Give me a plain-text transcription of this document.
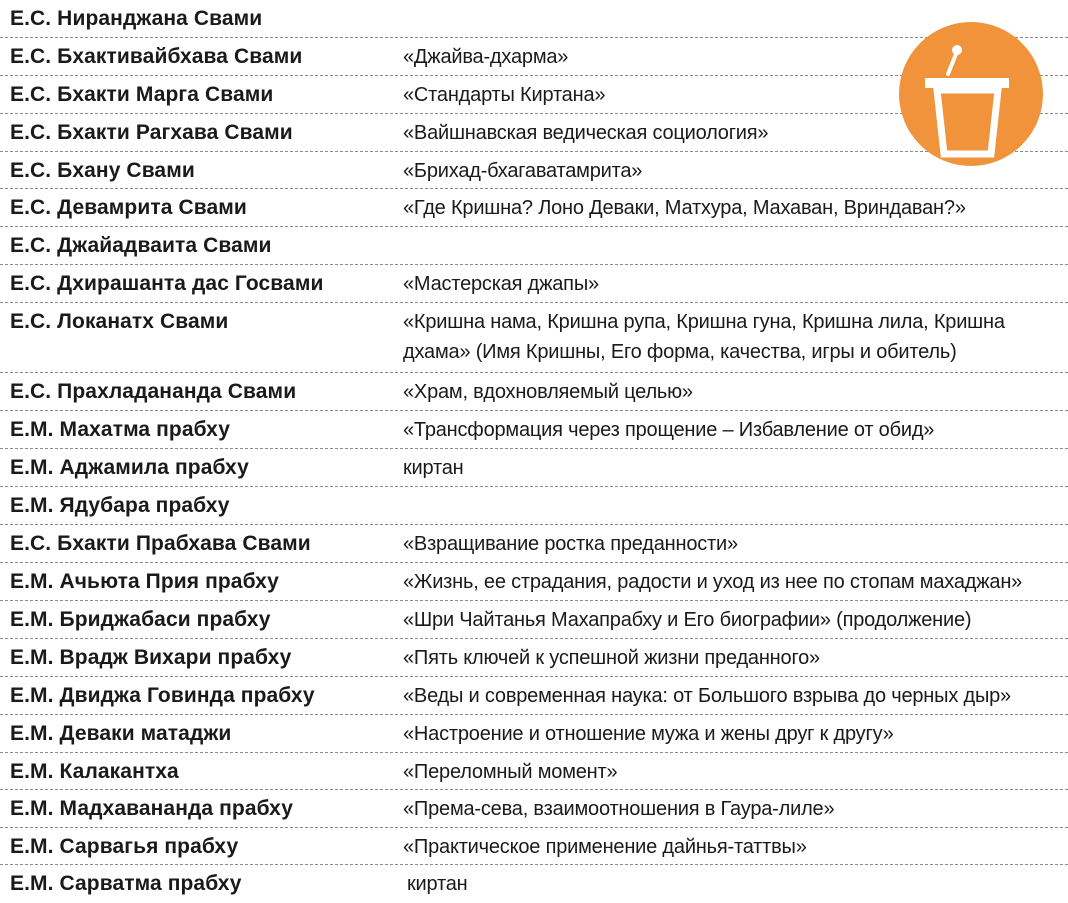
Е.С. Ниранджана Свами
Е.С. Бхактивайбхава Свами	«Джайва-дхарма»
Е.С. Бхакти Марга Свами	«Стандарты Киртана»
Е.С. Бхакти Рагхава Свами	«Вайшнавская ведическая социология»
Е.С. Бхану Свами	«Брихад-бхагаватамрита»
Е.С. Девамрита Свами	«Где Кришна? Лоно Деваки, Матхура, Махаван, Вриндаван?»
Е.С. Джайадваита Свами
Е.С. Дхирашанта дас Госвами	«Мастерская джапы»
Е.С. Локанатх Свами	«Кришна нама, Кришна рупа, Кришна гуна, Кришна лила, Кришна дхама» (Имя Кришны, Его форма, качества, игры и обитель)
Е.С. Прахладананда Свами	«Храм, вдохновляемый целью»
Е.М. Махатма прабху	«Трансформация через прощение – Избавление от обид»
Е.М. Аджамила прабху	киртан
Е.М. Ядубара прабху
Е.С. Бхакти Прабхава Свами	«Взращивание ростка преданности»
Е.М. Ачьюта Прия прабху	«Жизнь, ее страдания, радости и уход из нее по стопам махаджан»
Е.М. Бриджабаси прабху	«Шри Чайтанья Махапрабху и Его биографии» (продолжение)
Е.М. Врадж Вихари прабху	«Пять ключей к успешной жизни преданного»
Е.М. Двиджа Говинда прабху	«Веды и современная наука: от Большого взрыва до черных дыр»
Е.М. Деваки матаджи	«Настроение и отношение мужа и жены друг к другу»
Е.М. Калакантха	«Переломный момент»
Е.М. Мадхавананда прабху	«Према-сева, взаимоотношения в Гаура-лиле»
Е.М. Сарвагья прабху	«Практическое применение дайнья-таттвы»
Е.М. Сарватма прабху	киртан
